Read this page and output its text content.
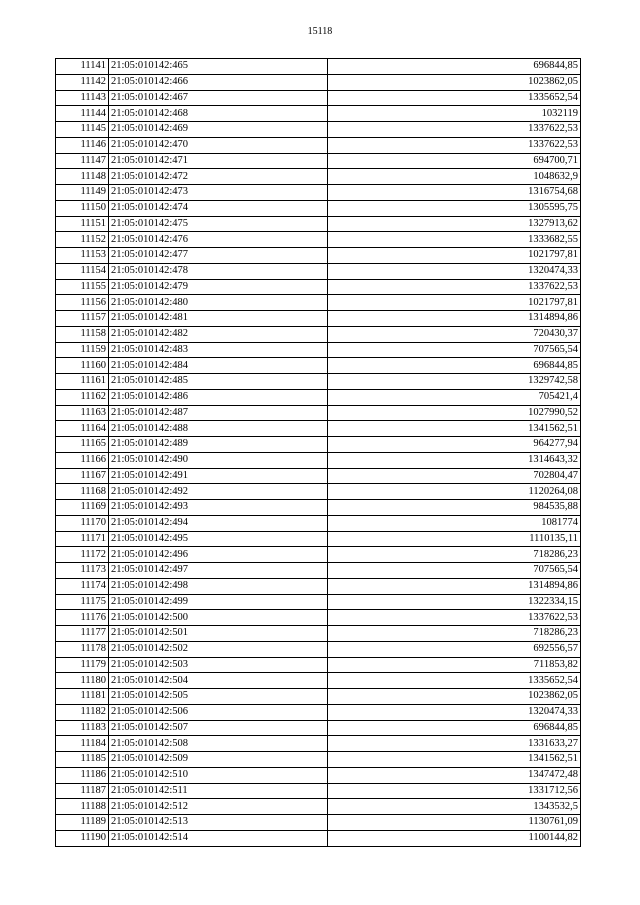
15118
11141	21:05:010142:465	696844,85
11142	21:05:010142:466	1023862,05
11143	21:05:010142:467	1335652,54
11144	21:05:010142:468	1032119
11145	21:05:010142:469	1337622,53
11146	21:05:010142:470	1337622,53
11147	21:05:010142:471	694700,71
11148	21:05:010142:472	1048632,9
11149	21:05:010142:473	1316754,68
11150	21:05:010142:474	1305595,75
11151	21:05:010142:475	1327913,62
11152	21:05:010142:476	1333682,55
11153	21:05:010142:477	1021797,81
11154	21:05:010142:478	1320474,33
11155	21:05:010142:479	1337622,53
11156	21:05:010142:480	1021797,81
11157	21:05:010142:481	1314894,86
11158	21:05:010142:482	720430,37
11159	21:05:010142:483	707565,54
11160	21:05:010142:484	696844,85
11161	21:05:010142:485	1329742,58
11162	21:05:010142:486	705421,4
11163	21:05:010142:487	1027990,52
11164	21:05:010142:488	1341562,51
11165	21:05:010142:489	964277,94
11166	21:05:010142:490	1314643,32
11167	21:05:010142:491	702804,47
11168	21:05:010142:492	1120264,08
11169	21:05:010142:493	984535,88
11170	21:05:010142:494	1081774
11171	21:05:010142:495	1110135,11
11172	21:05:010142:496	718286,23
11173	21:05:010142:497	707565,54
11174	21:05:010142:498	1314894,86
11175	21:05:010142:499	1322334,15
11176	21:05:010142:500	1337622,53
11177	21:05:010142:501	718286,23
11178	21:05:010142:502	692556,57
11179	21:05:010142:503	711853,82
11180	21:05:010142:504	1335652,54
11181	21:05:010142:505	1023862,05
11182	21:05:010142:506	1320474,33
11183	21:05:010142:507	696844,85
11184	21:05:010142:508	1331633,27
11185	21:05:010142:509	1341562,51
11186	21:05:010142:510	1347472,48
11187	21:05:010142:511	1331712,56
11188	21:05:010142:512	1343532,5
11189	21:05:010142:513	1130761,09
11190	21:05:010142:514	1100144,82
